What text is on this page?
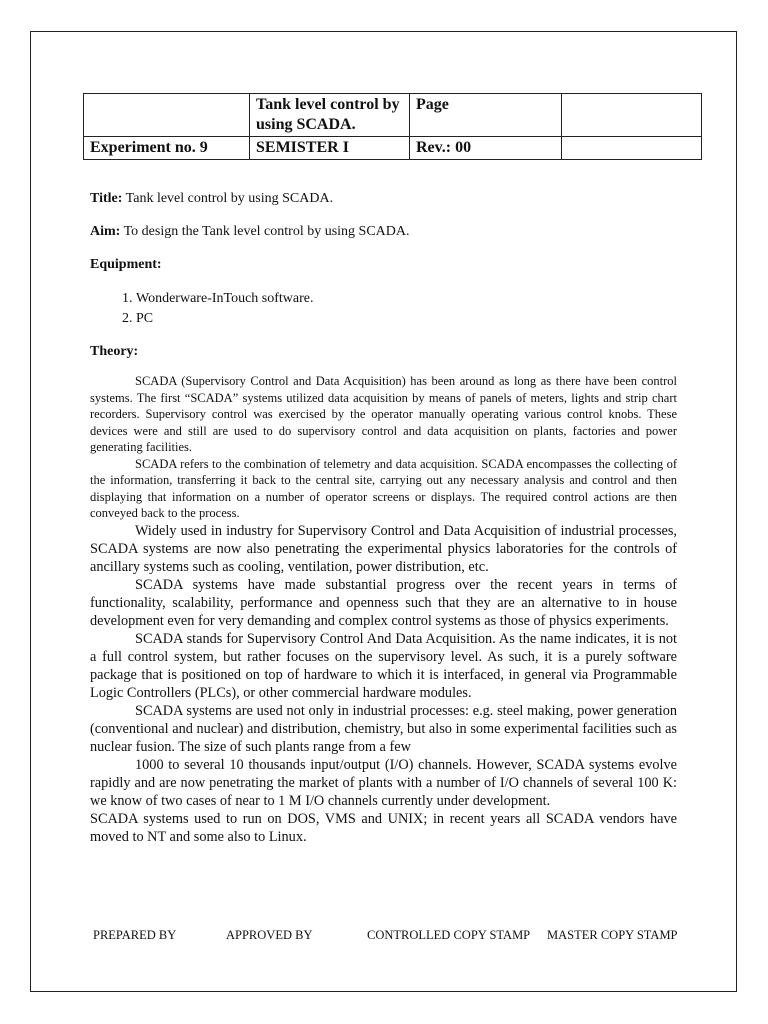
	Tank level control by using SCADA.	Page	
Experiment no. 9	SEMISTER I	Rev.: 00	

Title: Tank level control by using SCADA.

Aim: To design the Tank level control by using SCADA.

Equipment:

1. Wonderware-InTouch software.
2. PC

Theory:

SCADA (Supervisory Control and Data Acquisition) has been around as long as there have been control systems. The first “SCADA” systems utilized data acquisition by means of panels of meters, lights and strip chart recorders. Supervisory control was exercised by the operator manually operating various control knobs. These devices were and still are used to do supervisory control and data acquisition on plants, factories and power generating facilities.

SCADA refers to the combination of telemetry and data acquisition. SCADA encompasses the collecting of the information, transferring it back to the central site, carrying out any necessary analysis and control and then displaying that information on a number of operator screens or displays. The required control actions are then conveyed back to the process.

Widely used in industry for Supervisory Control and Data Acquisition of industrial processes, SCADA systems are now also penetrating the experimental physics laboratories for the controls of ancillary systems such as cooling, ventilation, power distribution, etc.

SCADA systems have made substantial progress over the recent years in terms of functionality, scalability, performance and openness such that they are an alternative to in house development even for very demanding and complex control systems as those of physics experiments.

SCADA stands for Supervisory Control And Data Acquisition. As the name indicates, it is not a full control system, but rather focuses on the supervisory level. As such, it is a purely software package that is positioned on top of hardware to which it is interfaced, in general via Programmable Logic Controllers (PLCs), or other commercial hardware modules.

SCADA systems are used not only in industrial processes: e.g. steel making, power generation (conventional and nuclear) and distribution, chemistry, but also in some experimental facilities such as nuclear fusion. The size of such plants range from a few

1000 to several 10 thousands input/output (I/O) channels. However, SCADA systems evolve rapidly and are now penetrating the market of plants with a number of I/O channels of several 100 K: we know of two cases of near to 1 M I/O channels currently under development.

SCADA systems used to run on DOS, VMS and UNIX; in recent years all SCADA vendors have moved to NT and some also to Linux.

PREPARED BY	APPROVED BY	CONTROLLED COPY STAMP MASTER COPY STAMP
